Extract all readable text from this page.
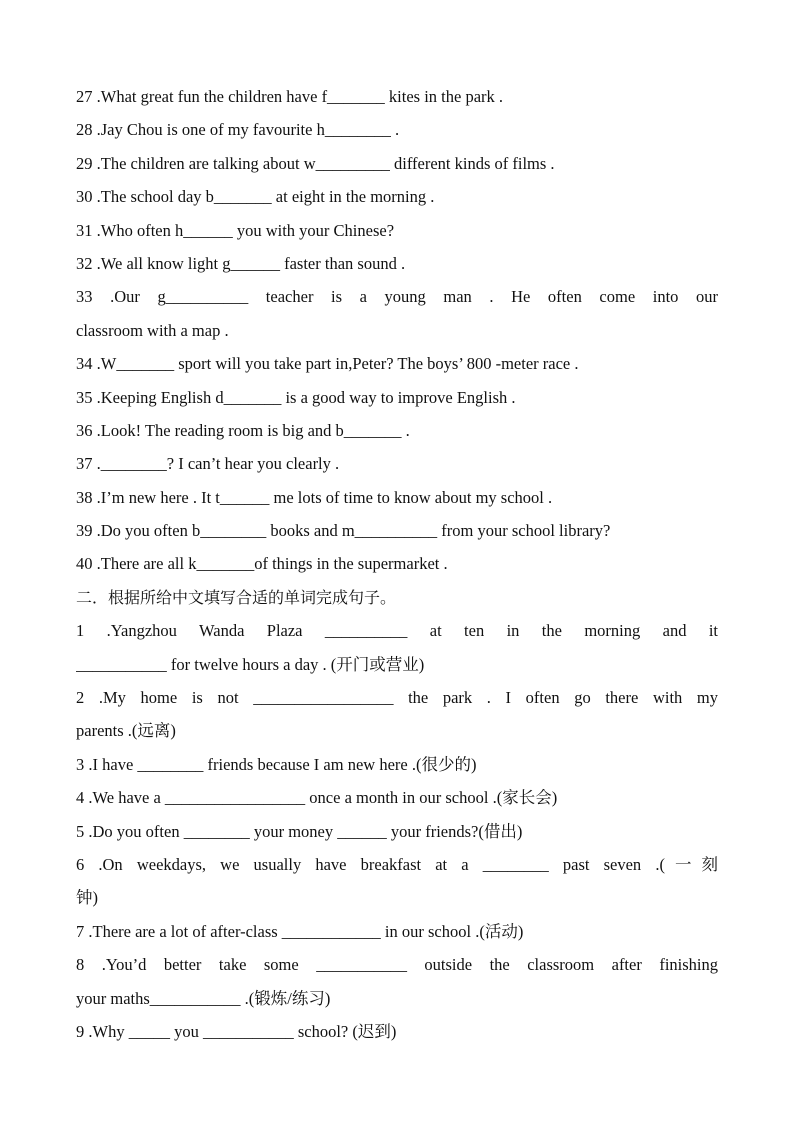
27 .What great fun the children have f_______ kites in the park .
28 .Jay Chou is one of my favourite h________ .
29 .The children are talking about w_________ different kinds of films .
30 .The school day b_______ at eight in the morning .
31 .Who often h______ you with your Chinese?
32 .We all know light g______ faster than sound .
33 .Our g__________ teacher is a young man . He often come into our
classroom with a map .
34 .W_______ sport will you take part in,Peter? The boys’ 800 -meter race .
35 .Keeping English d_______ is a good way to improve English .
36 .Look! The reading room is big and b_______ .
37 .________? I can’t hear you clearly .
38 .I’m new here . It t______ me lots of time to know about my school .
39 .Do you often b________ books and m__________ from your school library?
40 .There are all k_______of things in the supermarket .
二．根据所给中文填写合适的单词完成句子。
1 .Yangzhou Wanda Plaza __________ at ten in the morning and it
___________ for twelve hours a day . (开门或营业)
2 .My home is not _________________ the park . I often go there with my
parents .(远离)
3 .I have ________ friends because I am new here .(很少的)
4 .We have a _________________ once a month in our school .(家长会)
5 .Do you often ________ your money ______ your friends?(借出)
6 .On weekdays, we usually have breakfast at a ________ past seven .(一刻
钟)
7 .There are a lot of after-class ____________ in our school .(活动)
8 .You’d better take some ___________ outside the classroom after finishing
your maths___________ .(锻炼/练习)
9 .Why _____ you ___________ school? (迟到)
